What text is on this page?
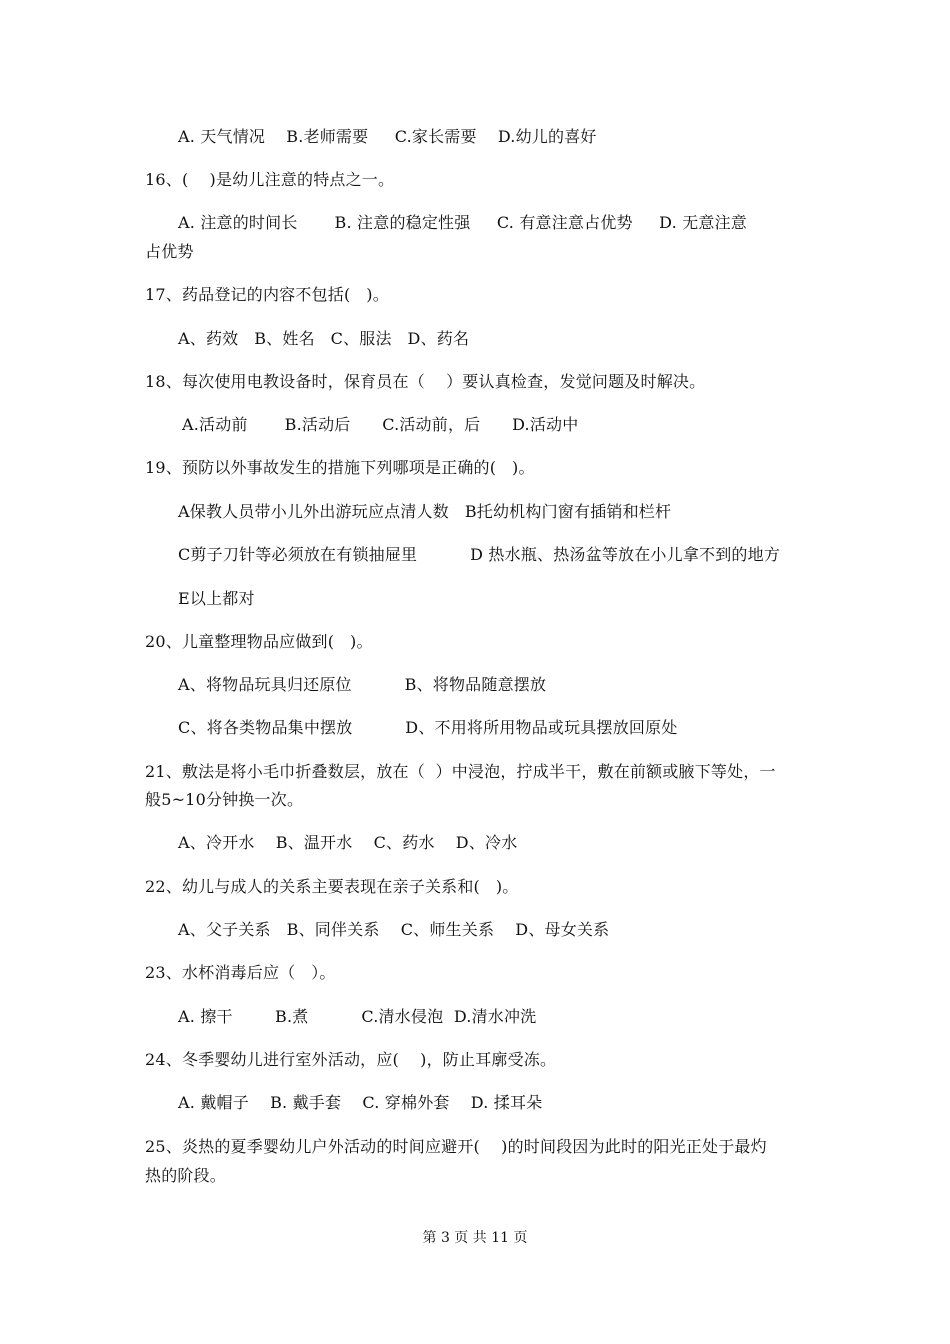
A. 天气情况    B.老师需要     C.家长需要    D.幼儿的喜好
16、(    )是幼儿注意的特点之一。
A. 注意的时间长       B. 注意的稳定性强     C. 有意注意占优势     D. 无意注意
占优势
17、药品登记的内容不包括(   )。
A、药效   B、姓名   C、服法   D、药名
18、每次使用电教设备时，保育员在（    ）要认真检查，发觉问题及时解决。
A.活动前       B.活动后      C.活动前，后      D.活动中
19、预防以外事故发生的措施下列哪项是正确的(   )。
A保教人员带小儿外出游玩应点清人数   B托幼机构门窗有插销和栏杆
C剪子刀针等必须放在有锁抽屉里          D 热水瓶、热汤盆等放在小儿拿不到的地方
E以上都对
20、儿童整理物品应做到(   )。
A、将物品玩具归还原位          B、将物品随意摆放
C、将各类物品集中摆放          D、不用将所用物品或玩具摆放回原处
21、敷法是将小毛巾折叠数层，放在（  ）中浸泡，拧成半干，敷在前额或腋下等处，一
般5~10分钟换一次。
A、冷开水    B、温开水    C、药水    D、冷水
22、幼儿与成人的关系主要表现在亲子关系和(   )。
A、父子关系   B、同伴关系    C、师生关系    D、母女关系
23、水杯消毒后应（   ）。
A. 擦干        B.煮          C.清水侵泡  D.清水冲洗
24、冬季婴幼儿进行室外活动，应(    )，防止耳廓受冻。
A. 戴帽子    B. 戴手套    C. 穿棉外套    D. 揉耳朵
25、炎热的夏季婴幼儿户外活动的时间应避开(    )的时间段因为此时的阳光正处于最灼
热的阶段。
第 3 页 共 11 页
